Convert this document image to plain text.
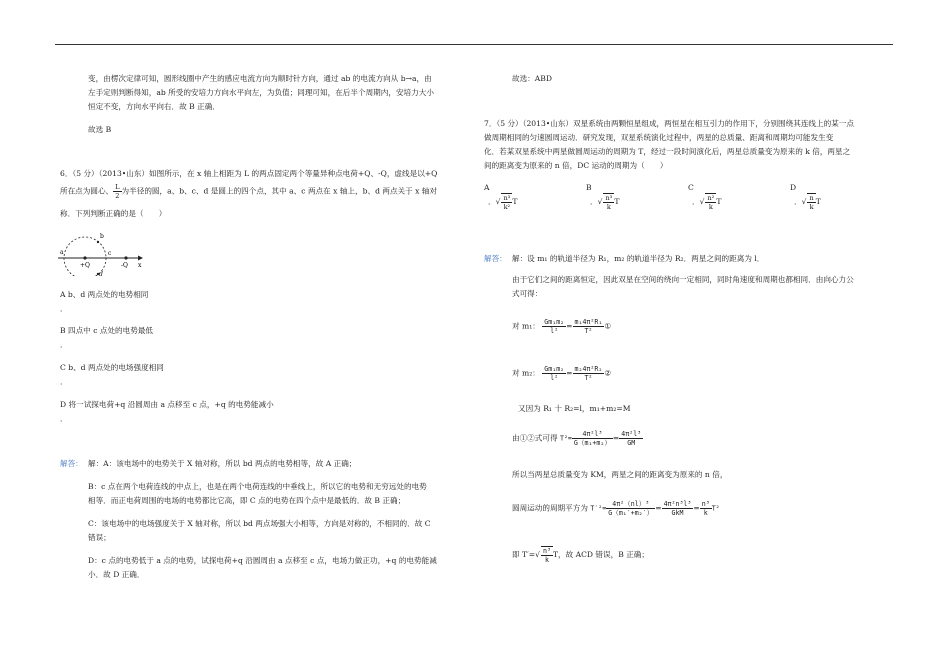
变，由楞次定律可知，圆形线圈中产生的感应电流方向为顺时针方向，通过 ab 的电流方向从 b→a，由
左手定则判断得知，ab 所受的安培力方向水平向左，为负值；同理可知，在后半个周期内，安培力大小
恒定不变，方向水平向右．故 B 正确．
故选 B
6．（5 分）（2013•山东）如图所示，在 x 轴上相距为 L 的两点固定两个等量异种点电荷+Q、-Q，虚线是以+Q
所在点为圆心、 $\frac{L}{2}$ 为半径的圆，a、b、c、d 是圆上的四个点，其中 a、c 两点在 x 轴上，b、d 两点关于 x 轴对
称．下列判断正确的是（　　）
a
b
c
d
+Q	-Q x
A b、d 两点处的电势相同
．
B 四点中 c 点处的电势最低
．
C b、d 两点处的电场强度相同
．
D 将一试探电荷+q 沿圆周由 a 点移至 c 点，+q 的电势能减小
．
解答： 解：A：该电场中的电势关于 X 轴对称，所以 bd 两点的电势相等，故 A 正确；
B：c 点在两个电荷连线的中点上，也是在两个电荷连线的中垂线上，所以它的电势和无穷远处的电势
相等．而正电荷周围的电场的电势都比它高，即 C 点的电势在四个点中是最低的．故 B 正确；
C：该电场中的电场强度关于 X 轴对称，所以 bd 两点场强大小相等，方向是对称的，不相同的．故 C
错误；
D：c 点的电势低于 a 点的电势，试探电荷+q 沿圆周由 a 点移至 c 点，电场力做正功，+q 的电势能减
小．故 D 正确．
故选：ABD
7．（5 分）（2013•山东）双星系统由两颗恒星组成，两恒星在相互引力的作用下，分别围绕其连线上的某一点
做周期相同的匀速圆周运动．研究发现，双星系统演化过程中，两星的总质量、距离和周期均可能发生变
化．若某双星系统中两星做圆周运动的周期为 T，经过一段时间演化后，两星总质量变为原来的 k 倍，两星之
间的距离变为原来的 n 倍，DC 运动的周期为（　　）
A
．√ $\frac{\text{n³}}{\text{k²}}$ T
B
．√ $\frac{\text{n³}}{k}$ T
C
．√ $\frac{\text{n²}}{k}$ T
D
．√ $\frac{n}{k}$ T
解答： 解：设 m₁ 的轨道半径为 R₁，m₂ 的轨道半径为 R₂．两星之间的距离为 l．
由于它们之间的距离恒定，因此双星在空间的绕向一定相同，同时角速度和周期也都相同．由向心力公
式可得：
对 m₁： $\frac{\text{Gm₁m₂}}{\text{l²}} = \frac{\text{m₁4π²R₁}}{\text{T²}}$ ①
对 m₂： $\frac{\text{Gm₁m₂}}{\text{l²}} = \frac{\text{m₂4π²R₂}}{\text{T²}}$ ②
又因为 R₁ 十 R₂=l，m₁+m₂=M
由①②式可得 $T^2= \frac{\text{4π²l³}}{\text{G（m₁+m₂）}} = \frac{\text{4π²l³}}{GM}$
所以当两星总质量变为 KM，两星之间的距离变为原来的 n 倍，
圆周运动的周期平方为 $T'^2= \frac{\text{4π²（nl）³}}{\text{G（m₁′+m₂′）}} = \frac{\text{4π²n³l³}}{\text{GkM}} = \frac{\text{n³}}{k} T^2$
即 $T'=√ \frac{\text{n³}}{k}$ T，故 ACD 错误，B 正确；
